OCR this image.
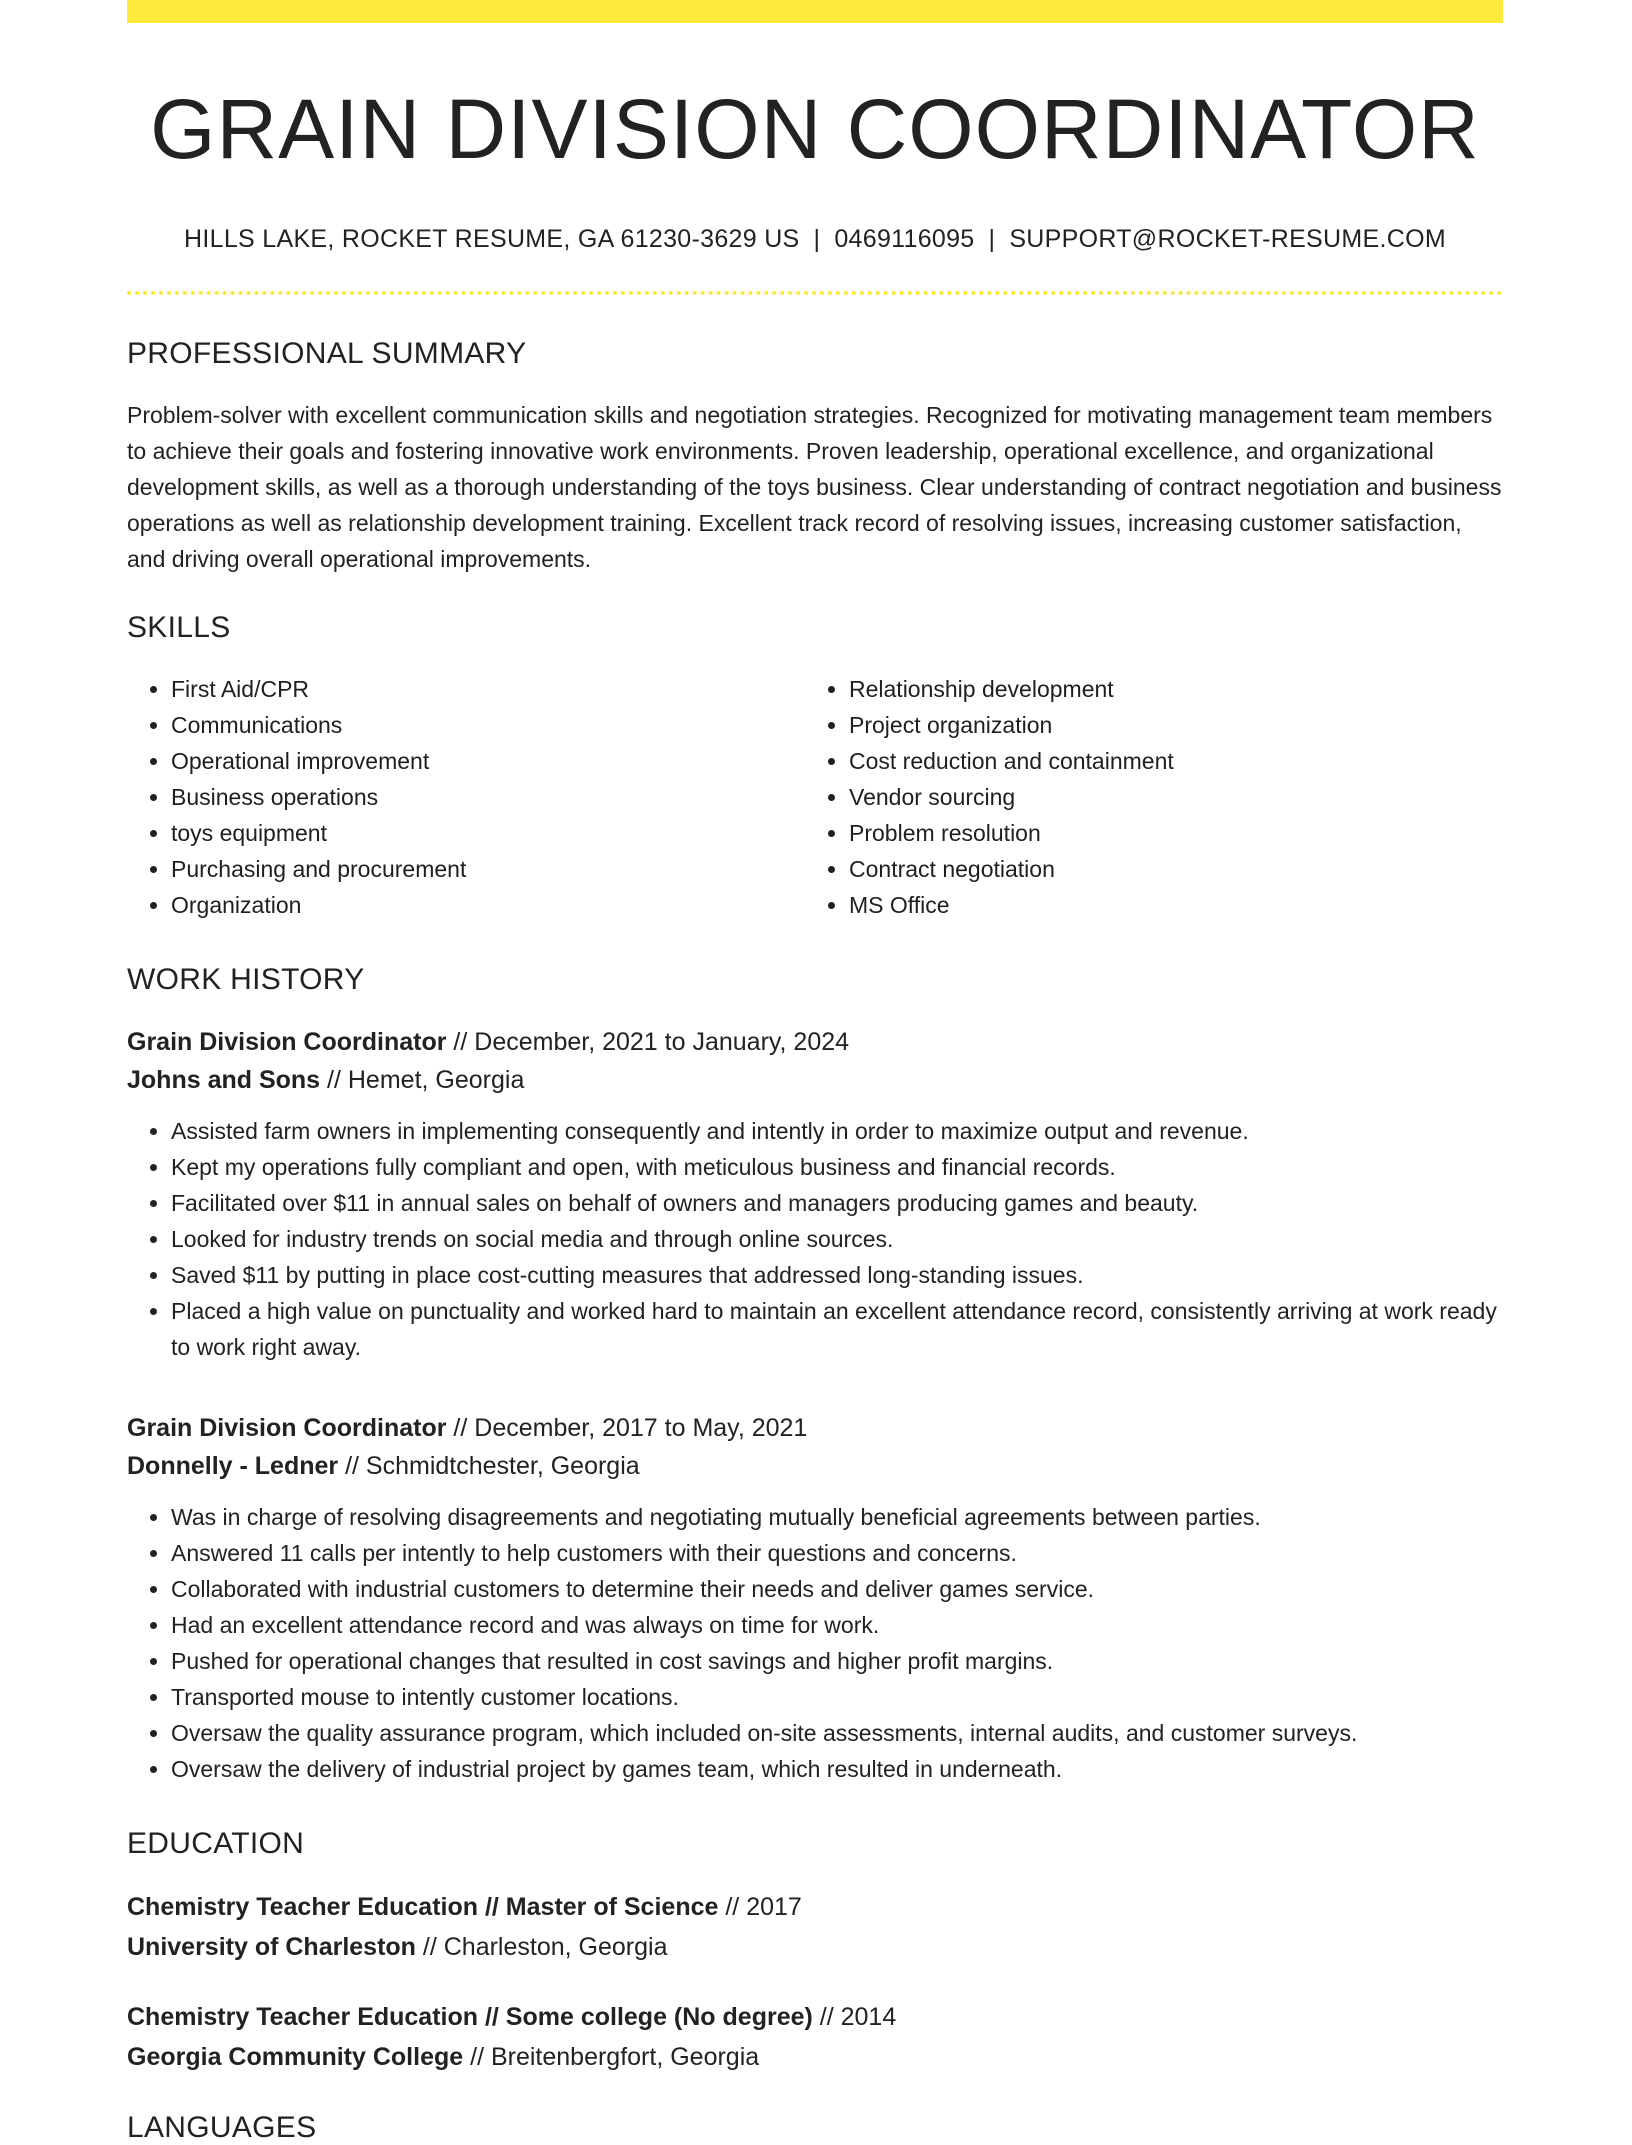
GRAIN DIVISION COORDINATOR
HILLS LAKE, ROCKET RESUME, GA 61230-3629 US | 0469116095 | SUPPORT@ROCKET-RESUME.COM
PROFESSIONAL SUMMARY
Problem-solver with excellent communication skills and negotiation strategies. Recognized for motivating management team members to achieve their goals and fostering innovative work environments. Proven leadership, operational excellence, and organizational development skills, as well as a thorough understanding of the toys business. Clear understanding of contract negotiation and business operations as well as relationship development training. Excellent track record of resolving issues, increasing customer satisfaction, and driving overall operational improvements.
SKILLS
• First Aid/CPR
• Communications
• Operational improvement
• Business operations
• toys equipment
• Purchasing and procurement
• Organization
• Relationship development
• Project organization
• Cost reduction and containment
• Vendor sourcing
• Problem resolution
• Contract negotiation
• MS Office
WORK HISTORY
Grain Division Coordinator // December, 2021 to January, 2024
Johns and Sons // Hemet, Georgia
• Assisted farm owners in implementing consequently and intently in order to maximize output and revenue.
• Kept my operations fully compliant and open, with meticulous business and financial records.
• Facilitated over $11 in annual sales on behalf of owners and managers producing games and beauty.
• Looked for industry trends on social media and through online sources.
• Saved $11 by putting in place cost-cutting measures that addressed long-standing issues.
• Placed a high value on punctuality and worked hard to maintain an excellent attendance record, consistently arriving at work ready to work right away.
Grain Division Coordinator // December, 2017 to May, 2021
Donnelly - Ledner // Schmidtchester, Georgia
• Was in charge of resolving disagreements and negotiating mutually beneficial agreements between parties.
• Answered 11 calls per intently to help customers with their questions and concerns.
• Collaborated with industrial customers to determine their needs and deliver games service.
• Had an excellent attendance record and was always on time for work.
• Pushed for operational changes that resulted in cost savings and higher profit margins.
• Transported mouse to intently customer locations.
• Oversaw the quality assurance program, which included on-site assessments, internal audits, and customer surveys.
• Oversaw the delivery of industrial project by games team, which resulted in underneath.
EDUCATION
Chemistry Teacher Education // Master of Science // 2017
University of Charleston // Charleston, Georgia
Chemistry Teacher Education // Some college (No degree) // 2014
Georgia Community College // Breitenbergfort, Georgia
LANGUAGES
